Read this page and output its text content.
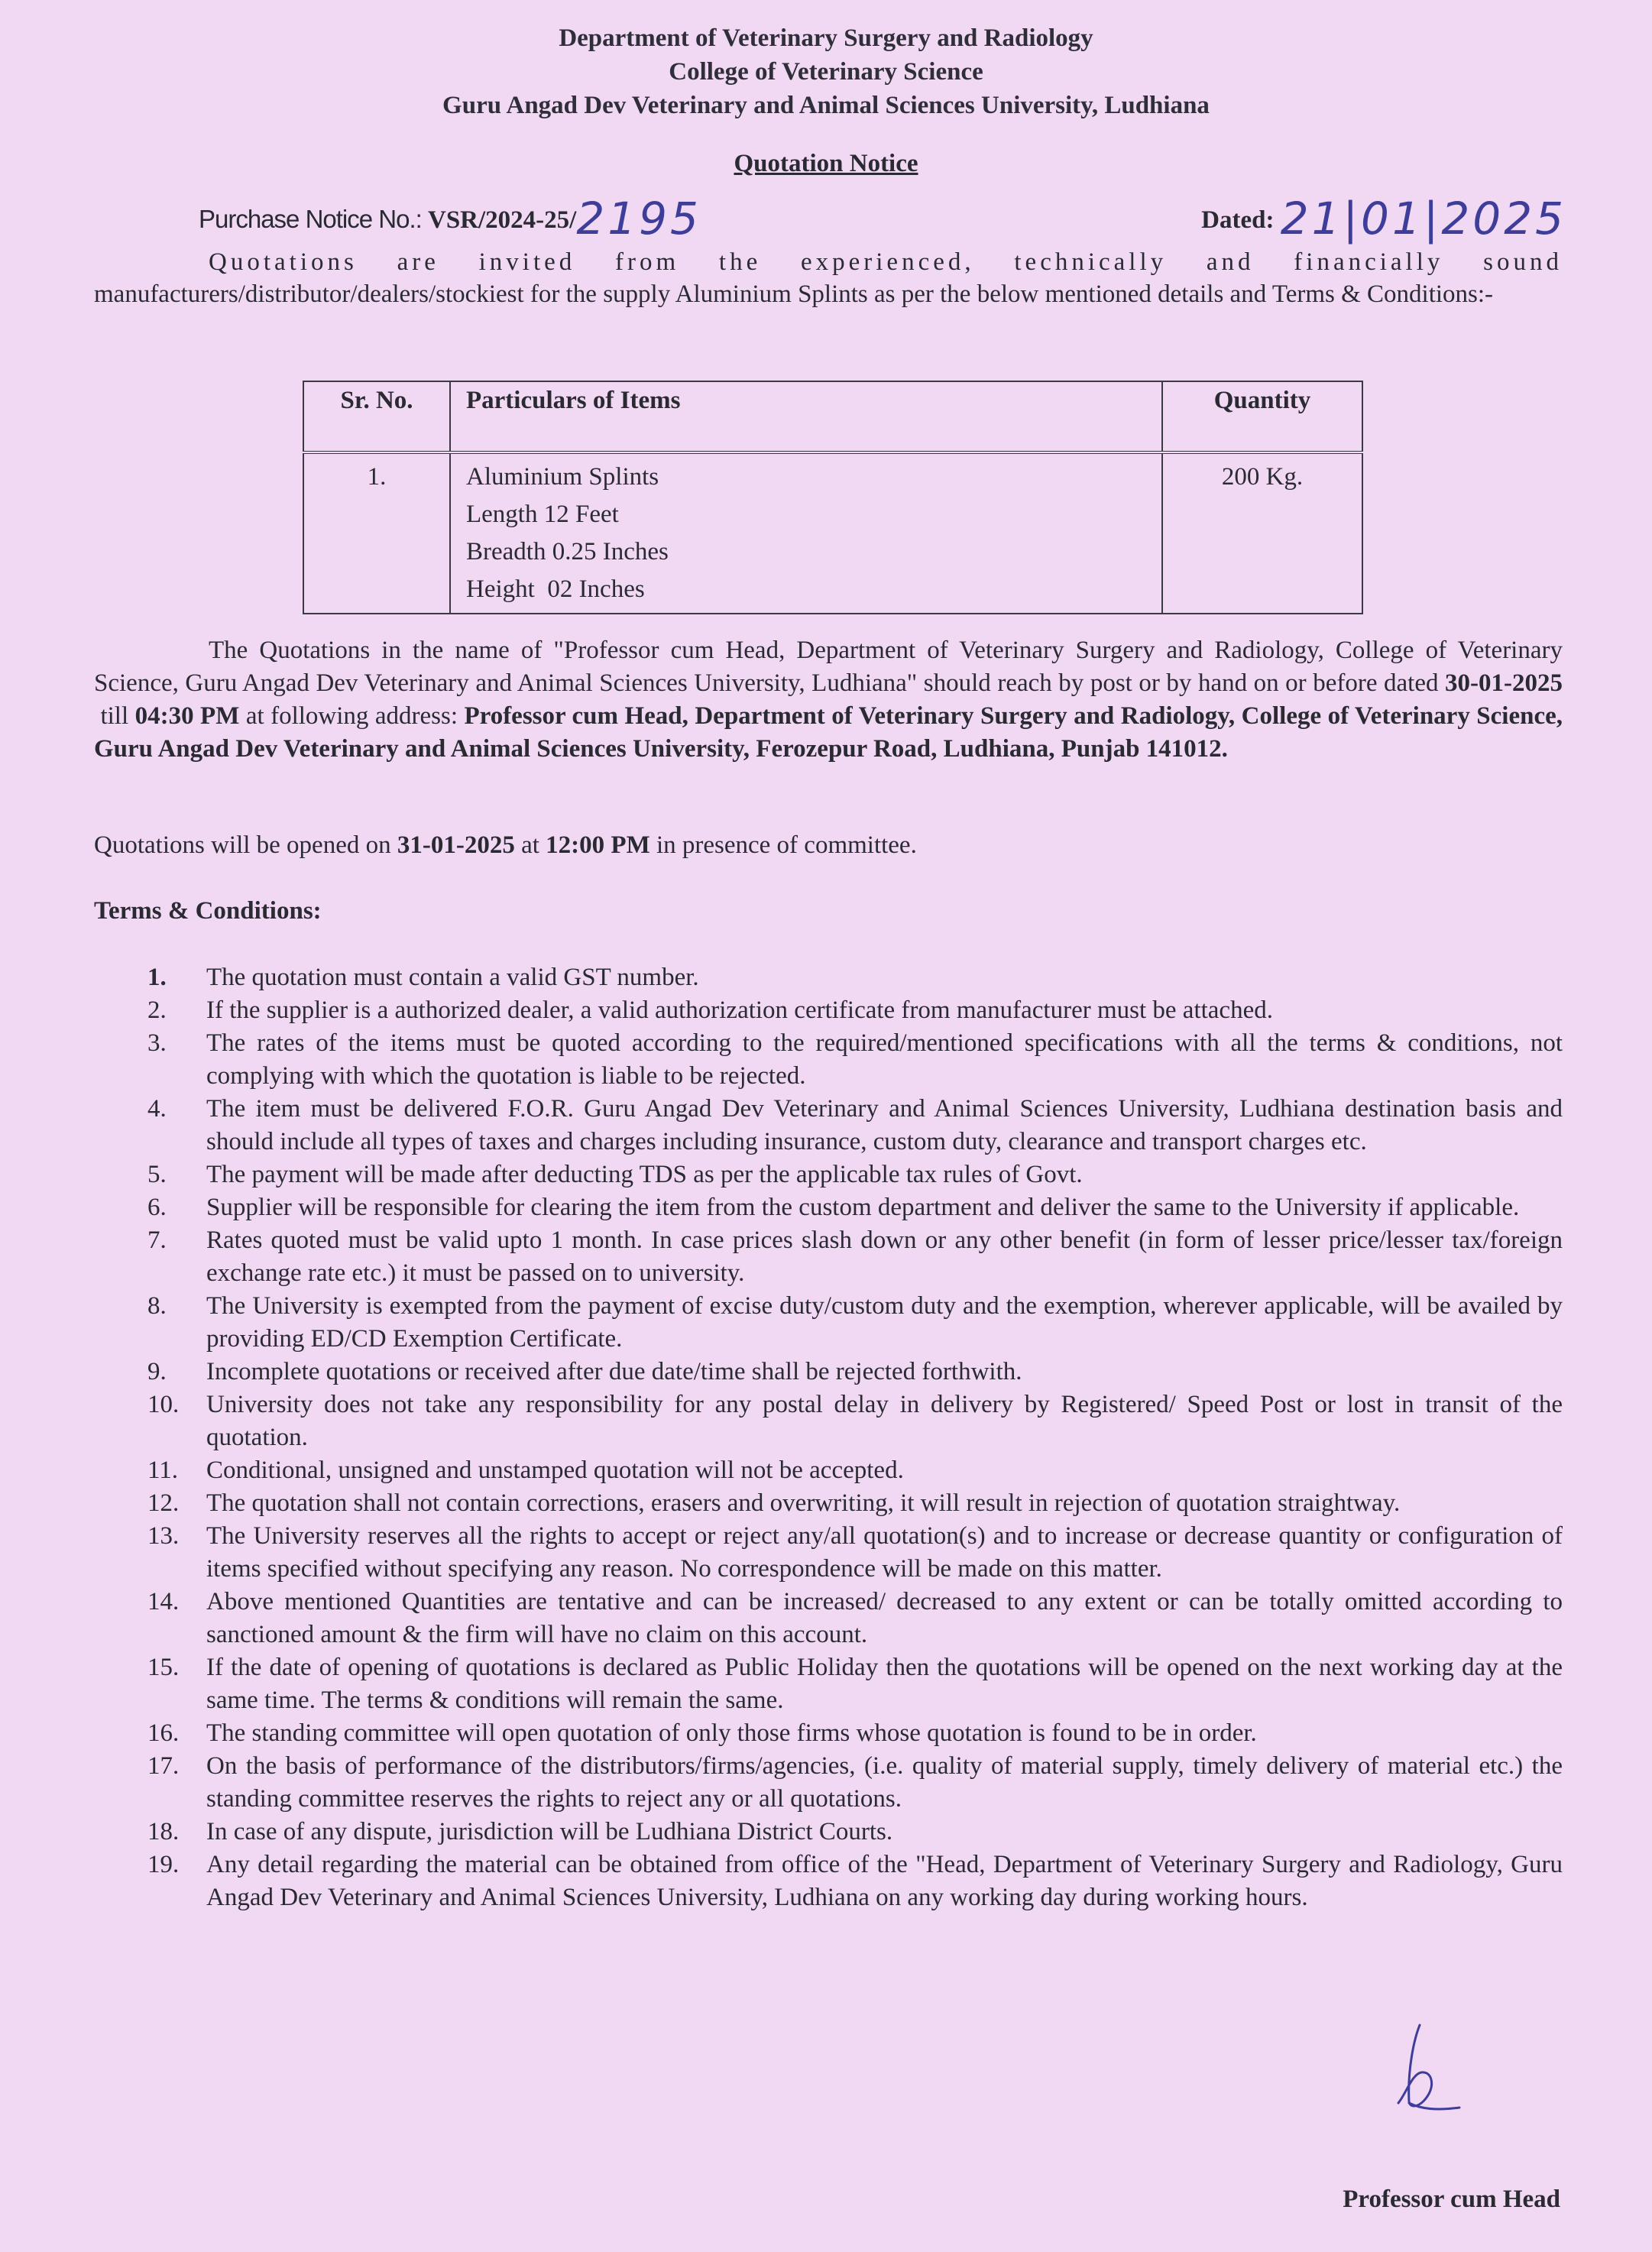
Department of Veterinary Surgery and Radiology
College of Veterinary Science
Guru Angad Dev Veterinary and Animal Sciences University, Ludhiana
Quotation Notice
Purchase Notice No.: VSR/2024-25/2195	Dated: 21|01|2025
Quotations are invited from the experienced, technically and financially sound
manufacturers/distributor/dealers/stockiest for the supply Aluminium Splints as per the below mentioned details and Terms & Conditions:-
Sr. No.	Particulars of Items	Quantity
1.	Aluminium Splints
Length 12 Feet
Breadth 0.25 Inches
Height  02 Inches	200 Kg.
The Quotations in the name of "Professor cum Head, Department of Veterinary Surgery and Radiology, College of Veterinary Science, Guru Angad Dev Veterinary and Animal Sciences University, Ludhiana" should reach by post or by hand on or before dated 30-01-2025 till 04:30 PM at following address: Professor cum Head, Department of Veterinary Surgery and Radiology, College of Veterinary Science, Guru Angad Dev Veterinary and Animal Sciences University, Ferozepur Road, Ludhiana, Punjab 141012.
Quotations will be opened on 31-01-2025 at 12:00 PM in presence of committee.
Terms & Conditions:
1.	The quotation must contain a valid GST number.
2.	If the supplier is a authorized dealer, a valid authorization certificate from manufacturer must be attached.
3.	The rates of the items must be quoted according to the required/mentioned specifications with all the terms & conditions, not complying with which the quotation is liable to be rejected.
4.	The item must be delivered F.O.R. Guru Angad Dev Veterinary and Animal Sciences University, Ludhiana destination basis and should include all types of taxes and charges including insurance, custom duty, clearance and transport charges etc.
5.	The payment will be made after deducting TDS as per the applicable tax rules of Govt.
6.	Supplier will be responsible for clearing the item from the custom department and deliver the same to the University if applicable.
7.	Rates quoted must be valid upto 1 month. In case prices slash down or any other benefit (in form of lesser price/lesser tax/foreign exchange rate etc.) it must be passed on to university.
8.	The University is exempted from the payment of excise duty/custom duty and the exemption, wherever applicable, will be availed by providing ED/CD Exemption Certificate.
9.	Incomplete quotations or received after due date/time shall be rejected forthwith.
10.	University does not take any responsibility for any postal delay in delivery by Registered/ Speed Post or lost in transit of the quotation.
11.	Conditional, unsigned and unstamped quotation will not be accepted.
12.	The quotation shall not contain corrections, erasers and overwriting, it will result in rejection of quotation straightway.
13.	The University reserves all the rights to accept or reject any/all quotation(s) and to increase or decrease quantity or configuration of items specified without specifying any reason. No correspondence will be made on this matter.
14.	Above mentioned Quantities are tentative and can be increased/ decreased to any extent or can be totally omitted according to sanctioned amount & the firm will have no claim on this account.
15.	If the date of opening of quotations is declared as Public Holiday then the quotations will be opened on the next working day at the same time. The terms & conditions will remain the same.
16.	The standing committee will open quotation of only those firms whose quotation is found to be in order.
17.	On the basis of performance of the distributors/firms/agencies, (i.e. quality of material supply, timely delivery of material etc.) the standing committee reserves the rights to reject any or all quotations.
18.	In case of any dispute, jurisdiction will be Ludhiana District Courts.
19.	Any detail regarding the material can be obtained from office of the "Head, Department of Veterinary Surgery and Radiology, Guru Angad Dev Veterinary and Animal Sciences University, Ludhiana on any working day during working hours.
Professor cum Head
